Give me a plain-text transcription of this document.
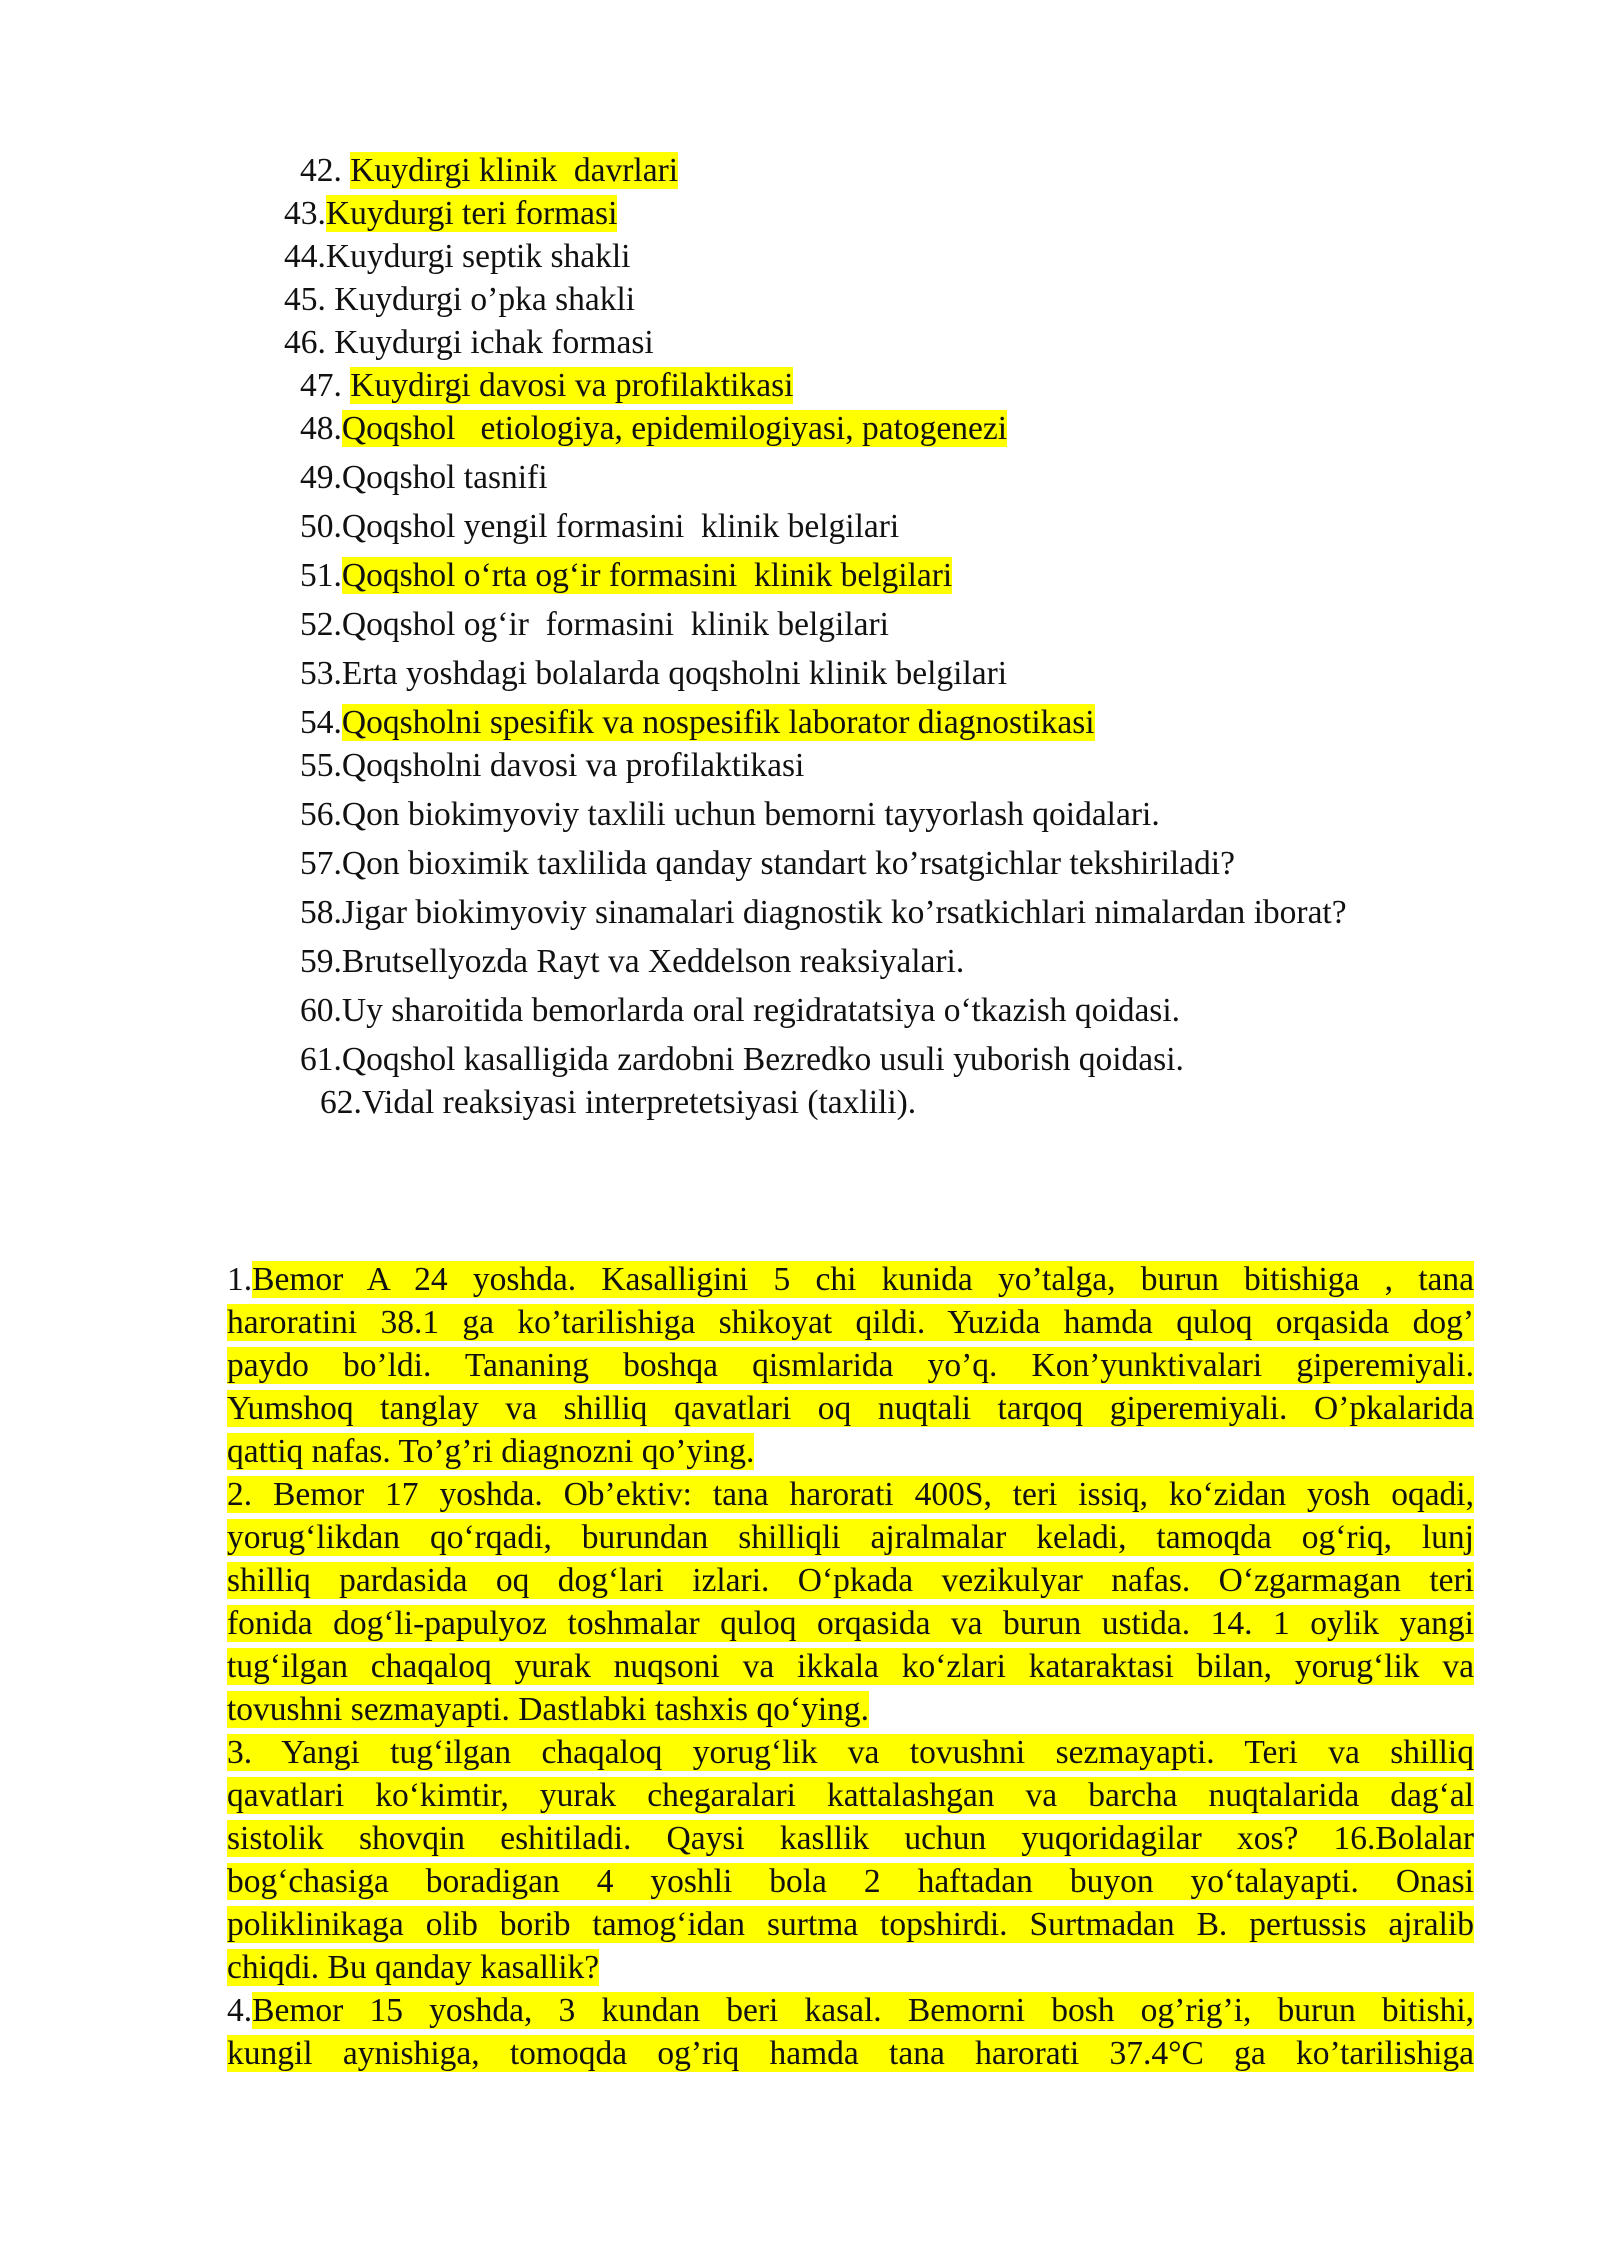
42. Kuydirgi klinik  davrlari
43.Kuydurgi teri formasi
44.Kuydurgi septik shakli
45. Kuydurgi o’pka shakli
46. Kuydurgi ichak formasi
47. Kuydirgi davosi va profilaktikasi
48.Qoqshol   etiologiya, epidemilogiyasi, patogenezi
49.Qoqshol tasnifi
50.Qoqshol yengil formasini  klinik belgilari
51.Qoqshol o‘rta og‘ir formasini  klinik belgilari
52.Qoqshol og‘ir  formasini  klinik belgilari
53.Erta yoshdagi bolalarda qoqsholni klinik belgilari
54.Qoqsholni spesifik va nospesifik laborator diagnostikasi
55.Qoqsholni davosi va profilaktikasi
56.Qon biokimyoviy taxlili uchun bemorni tayyorlash qoidalari.
57.Qon bioximik taxlilida qanday standart ko’rsatgichlar tekshiriladi?
58.Jigar biokimyoviy sinamalari diagnostik ko’rsatkichlari nimalardan iborat?
59.Brutsellyozda Rayt va Xeddelson reaksiyalari.
60.Uy sharoitida bemorlarda oral regidratatsiya o‘tkazish qoidasi.
61.Qoqshol kasalligida zardobni Bezredko usuli yuborish qoidasi.
62.Vidal reaksiyasi interpretetsiyasi (taxlili).

1.Bemor A 24 yoshda. Kasalligini 5 chi kunida yo’talga, burun bitishiga , tana

haroratini 38.1 ga ko’tarilishiga shikoyat qildi. Yuzida hamda quloq orqasida dog’

paydo bo’ldi. Tananing boshqa qismlarida yo’q. Kon’yunktivalari giperemiyali.

Yumshoq tanglay va shilliq qavatlari oq nuqtali tarqoq giperemiyali. O’pkalarida

qattiq nafas. To’g’ri diagnozni qo’ying.

2. Bemor 17 yoshda. Ob’ektiv: tana harorati 400S, teri issiq, ko‘zidan yosh oqadi,

yorug‘likdan qo‘rqadi, burundan shilliqli ajralmalar keladi, tamoqda og‘riq, lunj

shilliq pardasida oq dog‘lari izlari. O‘pkada vezikulyar nafas. O‘zgarmagan teri

fonida dog‘li-papulyoz toshmalar quloq orqasida va burun ustida. 14. 1 oylik yangi

tug‘ilgan chaqaloq yurak nuqsoni va ikkala ko‘zlari kataraktasi bilan, yorug‘lik va

tovushni sezmayapti. Dastlabki tashxis qo‘ying.

3. Yangi tug‘ilgan chaqaloq yorug‘lik va tovushni sezmayapti. Teri va shilliq

qavatlari ko‘kimtir, yurak chegaralari kattalashgan va barcha nuqtalarida dag‘al

sistolik shovqin eshitiladi. Qaysi kasllik uchun yuqoridagilar xos? 16.Bolalar

bog‘chasiga boradigan 4 yoshli bola 2 haftadan buyon yo‘talayapti. Onasi

poliklinikaga olib borib tamog‘idan surtma topshirdi. Surtmadan B. pertussis ajralib

chiqdi. Bu qanday kasallik?

4.Bemor 15 yoshda, 3 kundan beri kasal. Bemorni bosh og’rig’i, burun bitishi,

kungil aynishiga, tomoqda og’riq hamda tana harorati 37.4°C ga ko’tarilishiga
